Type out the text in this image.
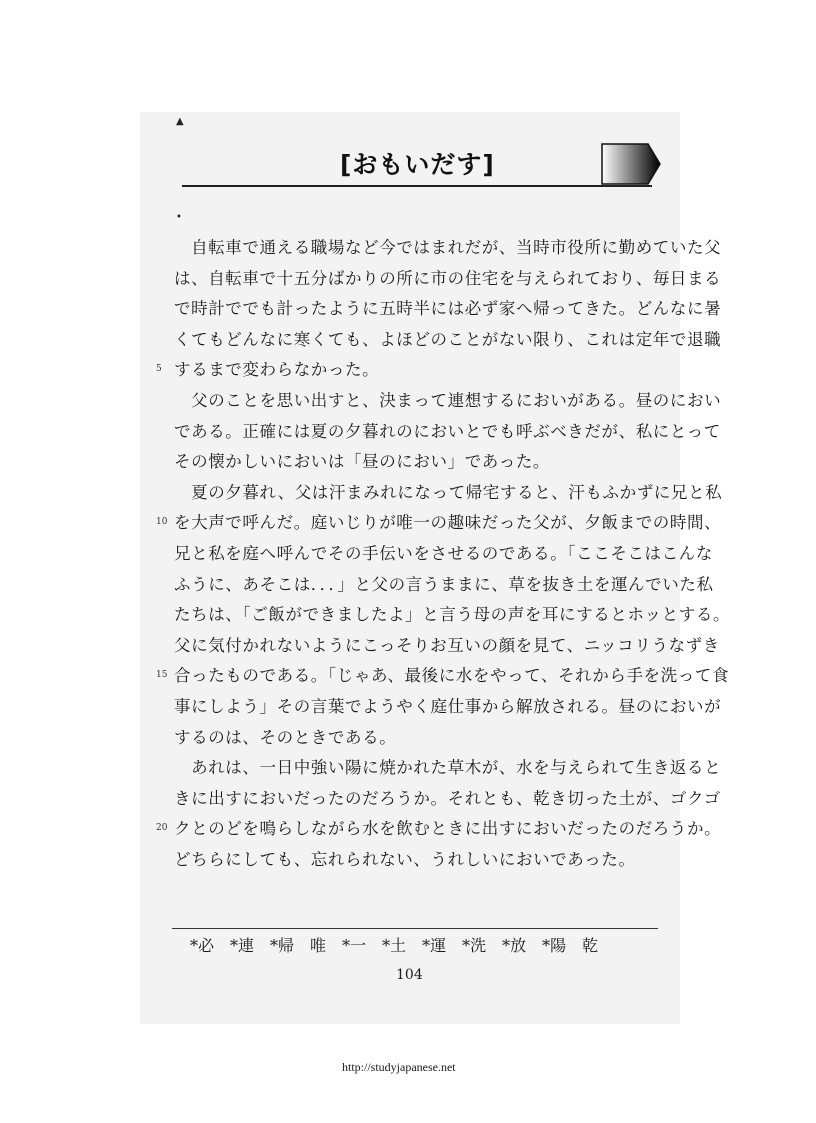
▲
•
[おもいだす]
　自転車で通える職場など今ではまれだが、当時市役所に勤めていた父
は、自転車で十五分ばかりの所に市の住宅を与えられており、毎日まる
で時計ででも計ったように五時半には必ず家へ帰ってきた。どんなに暑
くてもどんなに寒くても、よほどのことがない限り、これは定年で退職
するまで変わらなかった。
5
　父のことを思い出すと、決まって連想するにおいがある。昼のにおい
である。正確には夏の夕暮れのにおいとでも呼ぶべきだが、私にとって
その懐かしいにおいは「昼のにおい」であった。
　夏の夕暮れ、父は汗まみれになって帰宅すると、汗もふかずに兄と私
を大声で呼んだ。庭いじりが唯一の趣味だった父が、夕飯までの時間、
10
兄と私を庭へ呼んでその手伝いをさせるのである。「ここそこはこんな
ふうに、あそこは．．．」と父の言うままに、草を抜き土を運んでいた私
たちは、「ご飯ができましたよ」と言う母の声を耳にするとホッとする。
父に気付かれないようにこっそりお互いの顔を見て、ニッコリうなずき
合ったものである。「じゃあ、最後に水をやって、それから手を洗って食
15
事にしよう」その言葉でようやく庭仕事から解放される。昼のにおいが
するのは、そのときである。
　あれは、一日中強い陽に焼かれた草木が、水を与えられて生き返ると
きに出すにおいだったのだろうか。それとも、乾き切った土が、ゴクゴ
クとのどを鳴らしながら水を飲むときに出すにおいだったのだろうか。
20
どちらにしても、忘れられない、うれしいにおいであった。
*必 *連 *帰 唯 *一 *土 *運 *洗 *放 *陽 乾
104
http://studyjapanese.net
